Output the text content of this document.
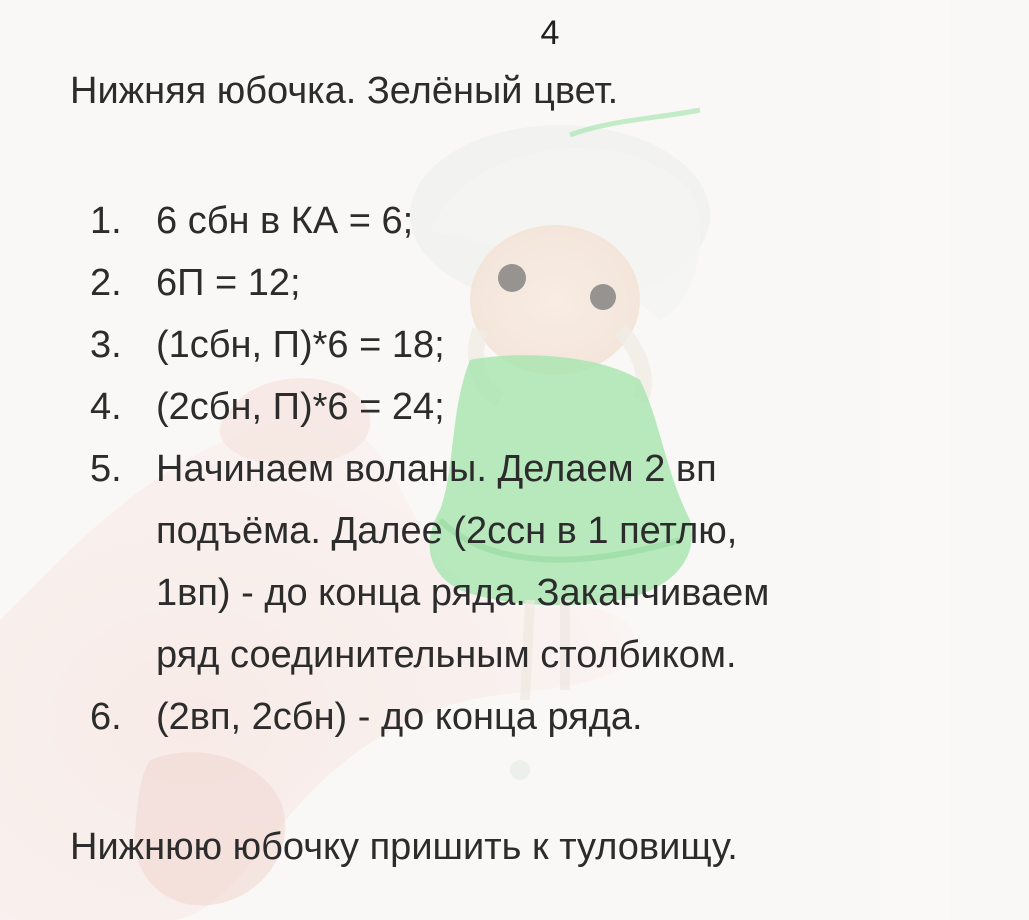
4
Нижняя юбочка. Зелёный цвет.
1. 6 сбн в КА = 6;
2. 6П = 12;
3. (1сбн, П)*6 = 18;
4. (2сбн, П)*6 = 24;
5. Начинаем воланы. Делаем 2 вп подъёма. Далее (2ссн в 1 петлю, 1вп) - до конца ряда. Заканчиваем ряд соединительным столбиком.
6. (2вп, 2сбн) - до конца ряда.
Нижнюю юбочку пришить к туловищу.
